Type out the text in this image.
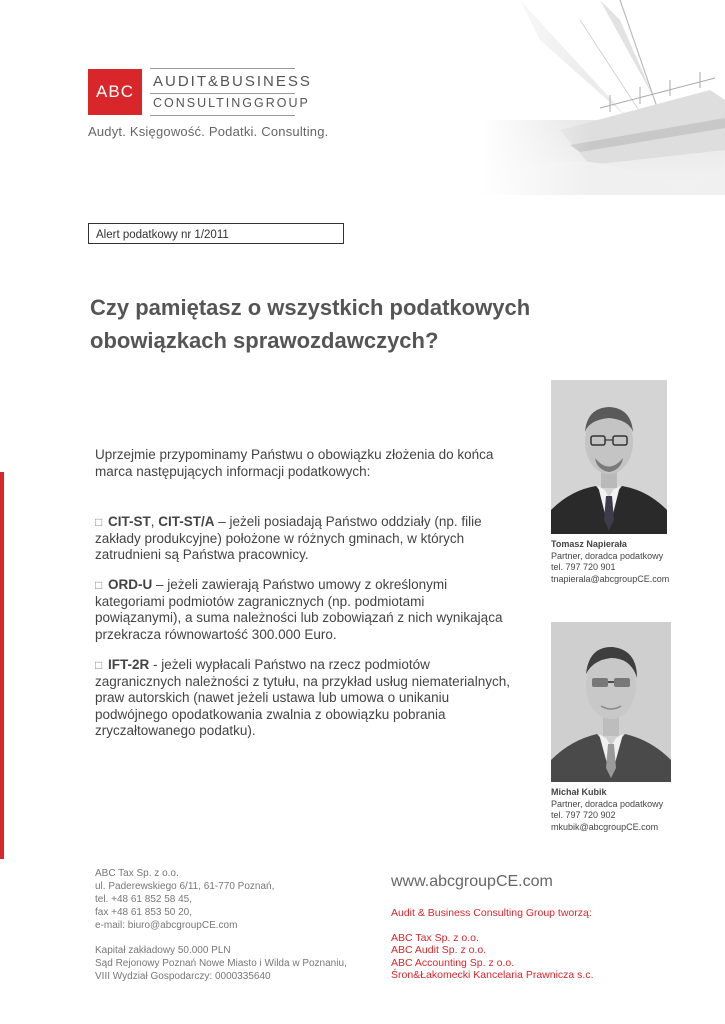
ABC
AUDIT&BUSINESS
CONSULTINGGROUP
Audyt. Księgowość. Podatki. Consulting.
Alert podatkowy nr 1/2011
Czy pamiętasz o wszystkich podatkowych obowiązkach sprawozdawczych?
Uprzejmie przypominamy Państwu o obowiązku złożenia do końca marca następujących informacji podatkowych:
□ CIT-ST, CIT-ST/A – jeżeli posiadają Państwo oddziały (np. filie zakłady produkcyjne) położone w różnych gminach, w których zatrudnieni są Państwa pracownicy.
□ ORD-U – jeżeli zawierają Państwo umowy z określonymi kategoriami podmiotów zagranicznych (np. podmiotami powiązanymi), a suma należności lub zobowiązań z nich wynikająca przekracza równowartość 300.000 Euro.
□ IFT-2R - jeżeli wypłacali Państwo na rzecz podmiotów zagranicznych należności z tytułu, na przykład usług niematerialnych, praw autorskich (nawet jeżeli ustawa lub umowa o unikaniu podwójnego opodatkowania zwalnia z obowiązku pobrania zryczałtowanego podatku).
Tomasz Napierała
Partner, doradca podatkowy
tel. 797 720 901
tnapierala@abcgroupCE.com
Michał Kubik
Partner, doradca podatkowy
tel. 797 720 902
mkubik@abcgroupCE.com
ABC Tax Sp. z o.o.
ul. Paderewskiego 6/11, 61-770 Poznań,
tel. +48 61 852 58 45,
fax +48 61 853 50 20,
e-mail: biuro@abcgroupCE.com
Kapitał zakładowy 50.000 PLN
Sąd Rejonowy Poznań Nowe Miasto i Wilda w Poznaniu,
VIII Wydział Gospodarczy: 0000335640
www.abcgroupCE.com
Audit & Business Consulting Group tworzą:
ABC Tax Sp. z o.o.
ABC Audit Sp. z o.o.
ABC Accounting Sp. z o.o.
Śron&Łakomecki Kancelaria Prawnicza s.c.
